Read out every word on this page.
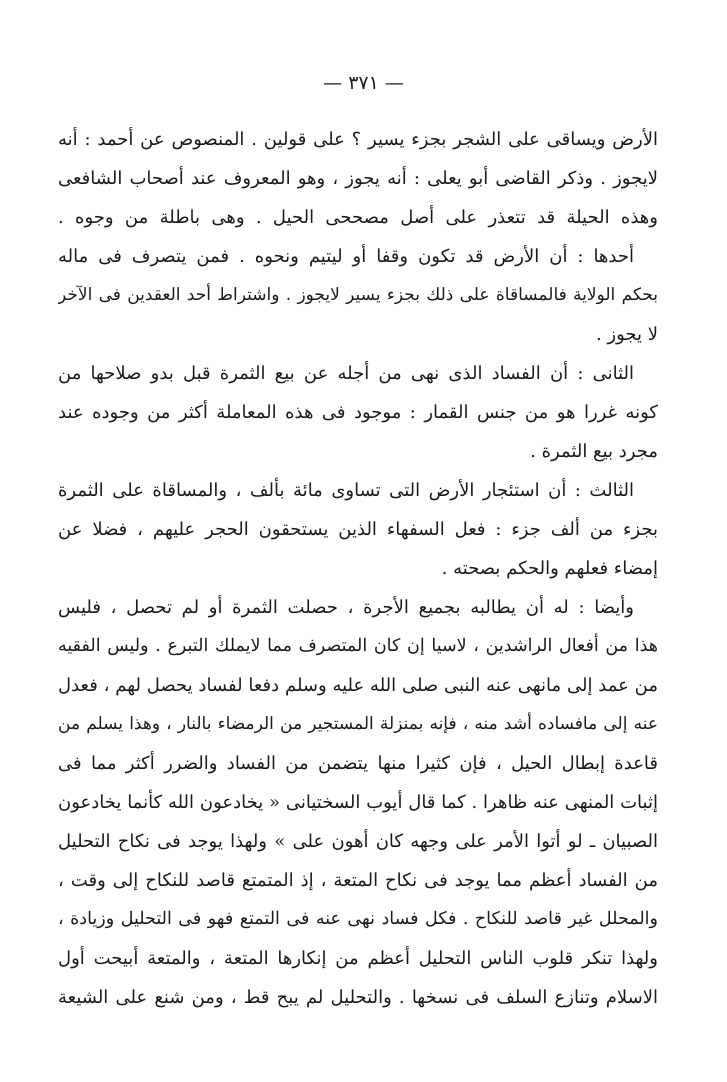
— ٣٧١ —
الأرض ويساقى على الشجر بجزء يسير ؟ على قولين . المنصوص عن أحمد : أنه
لايجوز . وذكر القاضى أبو يعلى : أنه يجوز ، وهو المعروف عند أصحاب الشافعى
وهذه الحيلة قد تتعذر على أصل مصححى الحيل . وهى باطلة من وجوه .
أحدها : أن الأرض قد تكون وقفا أو ليتيم ونحوه . فمن يتصرف فى ماله
بحكم الولاية فالمساقاة على ذلك بجزء يسير لايجوز . واشتراط أحد العقدين فى الآخر
لا يجوز .
الثانى : أن الفساد الذى نهى من أجله عن بيع الثمرة قبل بدو صلاحها من
كونه غررا هو من جنس القمار : موجود فى هذه المعاملة أكثر من وجوده عند
مجرد بيع الثمرة .
الثالث : أن استئجار الأرض التى تساوى مائة بألف ، والمساقاة على الثمرة
بجزء من ألف جزء : فعل السفهاء الذين يستحقون الحجر عليهم ، فضلا عن
إمضاء فعلهم والحكم بصحته .
وأيضا : له أن يطالبه بجميع الأجرة ، حصلت الثمرة أو لم تحصل ، فليس
هذا من أفعال الراشدين ، لاسيا إن كان المتصرف مما لايملك التبرع . وليس الفقيه
من عمد إلى مانهى عنه النبى صلى الله عليه وسلم دفعا لفساد يحصل لهم ، فعدل
عنه إلى مافساده أشد منه ، فإنه بمنزلة المستجير من الرمضاء بالنار ، وهذا يسلم من
قاعدة إبطال الحيل ، فإن كثيرا منها يتضمن من الفساد والضرر أكثر مما فى
إثبات المنهى عنه ظاهرا . كما قال أيوب السختيانى « يخادعون الله كأنما يخادعون
الصبيان ـ لو أتوا الأمر على وجهه كان أهون على » ولهذا يوجد فى نكاح التحليل
من الفساد أعظم مما يوجد فى نكاح المتعة ، إذ المتمتع قاصد للنكاح إلى وقت ،
والمحلل غير قاصد للنكاح . فكل فساد نهى عنه فى التمتع فهو فى التحليل وزيادة ،
ولهذا تنكر قلوب الناس التحليل أعظم من إنكارها المتعة ، والمتعة أبيحت أول
الاسلام وتنازع السلف فى نسخها . والتحليل لم يبح قط ، ومن شنع على الشيعة
